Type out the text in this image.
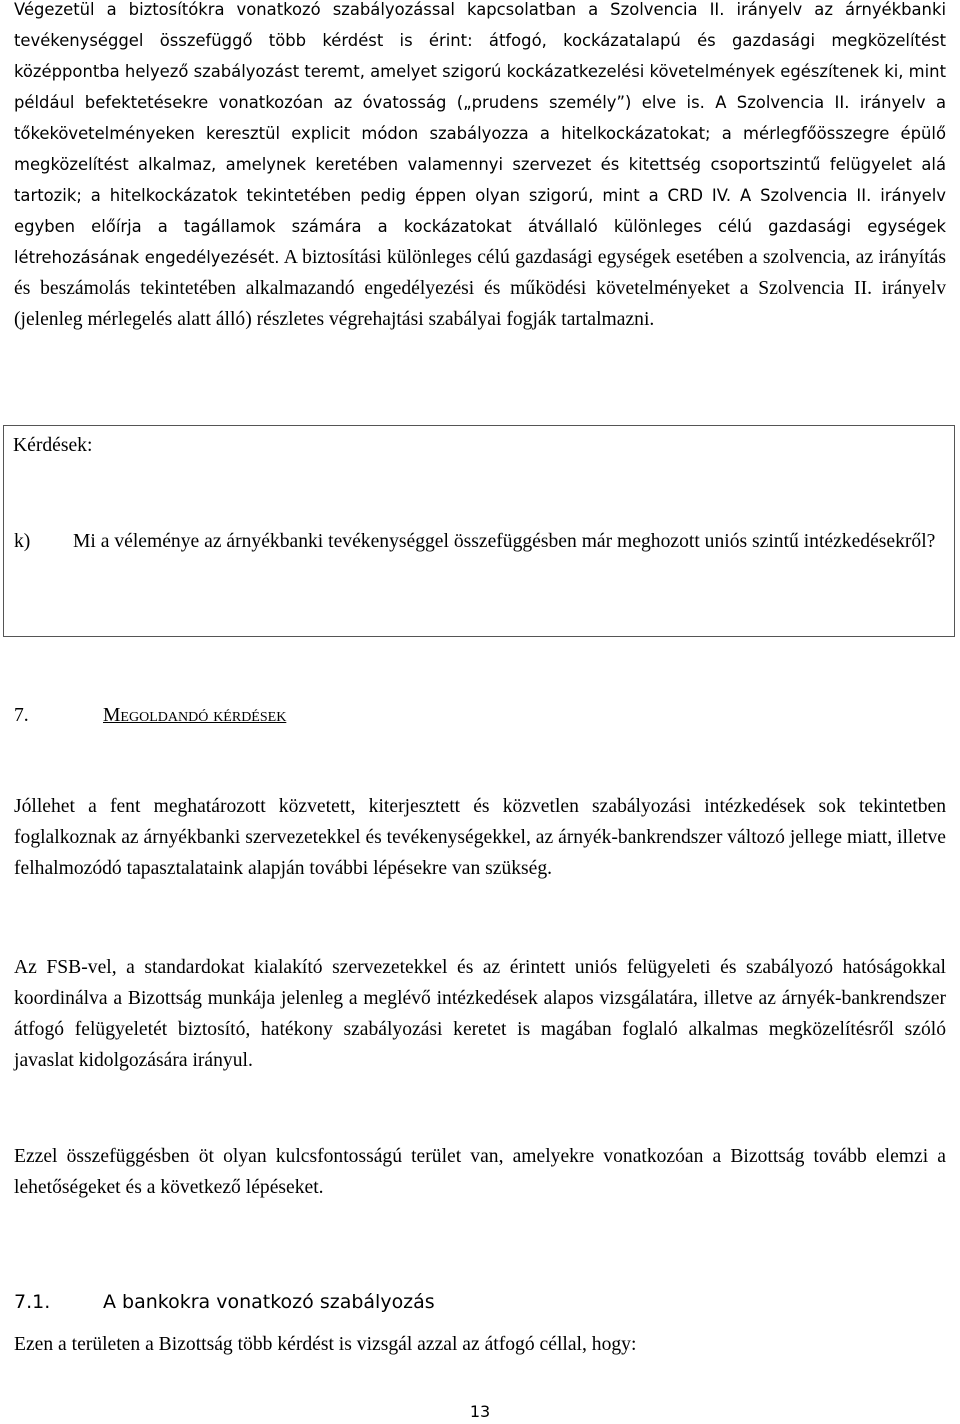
Végezetül a biztosítókra vonatkozó szabályozással kapcsolatban a Szolvencia II. irányelv az árnyékbanki tevékenységgel összefüggő több kérdést is érint: átfogó, kockázatalapú és gazdasági megközelítést középpontba helyező szabályozást teremt, amelyet szigorú kockázatkezelési követelmények egészítenek ki, mint például befektetésekre vonatkozóan az óvatosság („prudens személy”) elve is. A Szolvencia II. irányelv a tőkekövetelményeken keresztül explicit módon szabályozza a hitelkockázatokat; a mérlegfőösszegre épülő megközelítést alkalmaz, amelynek keretében valamennyi szervezet és kitettség csoportszintű felügyelet alá tartozik; a hitelkockázatok tekintetében pedig éppen olyan szigorú, mint a CRD IV. A Szolvencia II. irányelv egyben előírja a tagállamok számára a kockázatokat átvállaló különleges célú gazdasági egységek létrehozásának engedélyezését. A biztosítási különleges célú gazdasági egységek esetében a szolvencia, az irányítás és beszámolás tekintetében alkalmazandó engedélyezési és működési követelményeket a Szolvencia II. irányelv (jelenleg mérlegelés alatt álló) részletes végrehajtási szabályai fogják tartalmazni.

Kérdések:
k) Mi a véleménye az árnyékbanki tevékenységgel összefüggésben már meghozott uniós szintű intézkedésekről?
7.	Megoldandó kérdések

Jóllehet a fent meghatározott közvetett, kiterjesztett és közvetlen szabályozási intézkedések sok tekintetben foglalkoznak az árnyékbanki szervezetekkel és tevékenységekkel, az árnyék-bankrendszer változó jellege miatt, illetve felhalmozódó tapasztalataink alapján további lépésekre van szükség.

Az FSB-vel, a standardokat kialakító szervezetekkel és az érintett uniós felügyeleti és szabályozó hatóságokkal koordinálva a Bizottság munkája jelenleg a meglévő intézkedések alapos vizsgálatára, illetve az árnyék-bankrendszer átfogó felügyeletét biztosító, hatékony szabályozási keretet is magában foglaló alkalmas megközelítésről szóló javaslat kidolgozására irányul.

Ezzel összefüggésben öt olyan kulcsfontosságú terület van, amelyekre vonatkozóan a Bizottság tovább elemzi a lehetőségeket és a következő lépéseket.

7.1.	A bankokra vonatkozó szabályozás

Ezen a területen a Bizottság több kérdést is vizsgál azzal az átfogó céllal, hogy:

13
